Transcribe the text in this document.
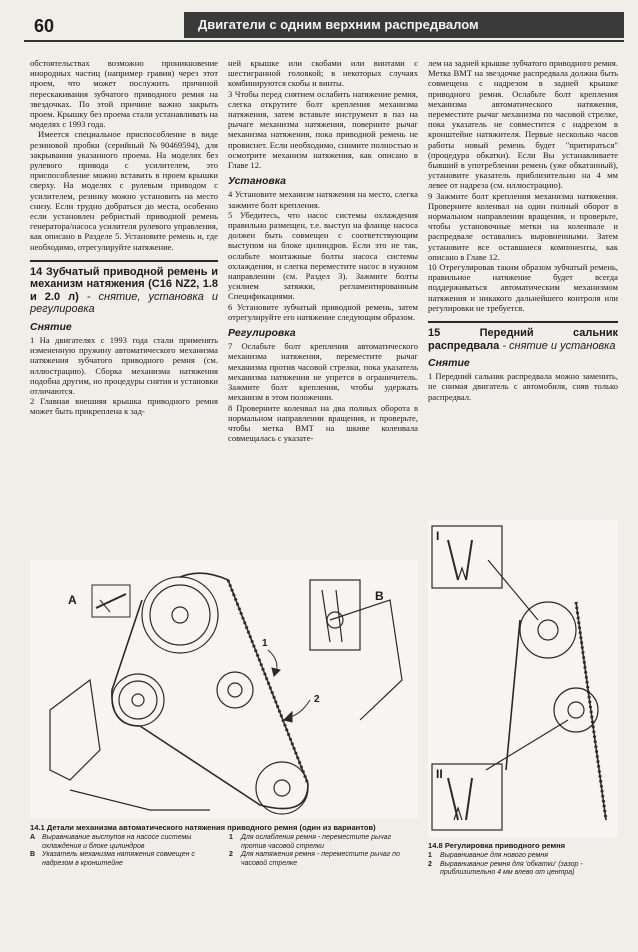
60	Двигатели с одним верхним распредвалом

обстоятельствах возможно проникновение инородных частиц (например гравия) через этот проем, что может послужить причиной перескакивания зубчатого приводного ремня на звездочках. По этой причине важно закрыть проем. Крышку без проема стали устанавливать на моделях с 1993 года.

Имеется специальное приспособление в виде резиновой пробки (серийный №90469594), для закрывания указанного проема. На моделях без рулевого привода с усилителем, это приспособление можно вставить в проем крышки сверху. На моделях с рулевым приводом с усилителем, резинку можно установить на место снизу. Если трудно добраться до места, особенно если установлен ребристый приводной ремень генератора/насоса усилителя рулевого управления, как описано в Разделе 5. Установите ремень и, где необходимо, отрегулируйте натяжение.

14 Зубчатый приводной ремень и механизм натяжения (C16 NZ2, 1.8 и 2.0 л) - снятие, установка и регулировка
Снятие

1 На двигателях с 1993 года стали применять измененную пружину автоматического механизма натяжения зубчатого приводного ремня (см. иллюстрацию). Сборка механизма натяжения подобна другим, но процедуры снятия и установки отличаются.

2 Главная внешняя крышка приводного ремня может быть прикреплена к зад-

ней крышке или скобами или винтами с шестигранной головкой; в некоторых случаях комбинируются скобы и винты.

3 Чтобы перед снятием ослабить натяжение ремня, слегка открутите болт крепления механизма натяжения, затем вставьте инструмент в паз на рычаге механизма натяжения, поверните рычаг механизма натяжения, пока приводной ремень не провиснет. Если необходимо, снимите полностью и осмотрите механизм натяжения, как описано в Главе 12.

Установка

4 Установите механизм натяжения на место, слегка зажмите болт крепления.

5 Убедитесь, что насос системы охлаждения правильно размещен, т.е. выступ на фланце насоса должен быть совмещен с соответствующим выступом на блоке цилиндров. Если это не так, ослабьте монтажные болты насоса системы охлаждения, и слегка переместите насос в нужном направлении (см. Раздел 3). Зажмите болты усилием затяжки, регламентированным Спецификациями.

6 Установите зубчатый приводной ремень, затем отрегулируйте его натяжение следующим образом.

Регулировка

7 Ослабьте болт крепления автоматического механизма натяжения, переместите рычаг механизма против часовой стрелки, пока указатель механизма натяжения не упрется в ограничитель. Зажмите болт крепления, чтобы удержать механизм в этом положении.

8 Проверните коленвал на два полных оборота в нормальном направлении вращения, и проверьте, чтобы метка ВМТ на шкиве коленвала совмещалась с указате-

лем на задней крышке зубчатого приводного ремня. Метка ВМТ на звездочке распредвала должна быть совмещена с надрезом в задней крышке приводного ремня. Ослабьте болт крепления механизма автоматического натяжения, переместите рычаг механизма по часовой стрелке, пока указатель не совместится с надрезом в кронштейне натяжителя. Первые несколько часов работы новый ремень будет "притираться" (процедура обкатки). Если Вы устанавливаете бывший в употреблении ремень (уже обкатанный), установите указатель приблизительно на 4 мм левее от надреза (см. иллюстрацию).

9 Зажмите болт крепления механизма натяжения. Проверните коленвал на один полный оборот в нормальном направлении вращения, и проверьте, чтобы установочные метки на коленвале и распредвале оставались выровненными. Затем установите все оставшиеся компоненты, как описано в Главе 12.

10 Отрегулировав таким образом зубчатый ремень, правильное натяжение будет всегда поддерживаться автоматическим механизмом натяжения и никакого дальнейшего контроля или регулировки не требуется.

15	Передний сальник распредвала - снятие и установка
Снятие

1 Передний сальник распредвала можно заменить, не снимая двигатель с автомобиля, сняв только распредвал.

A	B
1
2
14.1 Детали механизма автоматического натяжения приводного ремня (один из вариантов)
A Выравнивание выступов на насосе системы охлаждения и блоке цилиндров
B Указатель механизма натяжения совмещен с надрезом в кронштейне
1	Для ослабления ремня - переместите рычаг против часовой стрелки
2	Для натяжения ремня - переместите рычаг по часовой стрелке
I
II
14.8 Регулировка приводного ремня
1	Выравнивание для нового ремня
2	Выравнивание ремня для 'обкатки' (зазор - приблизительно 4 мм влево от центра)
